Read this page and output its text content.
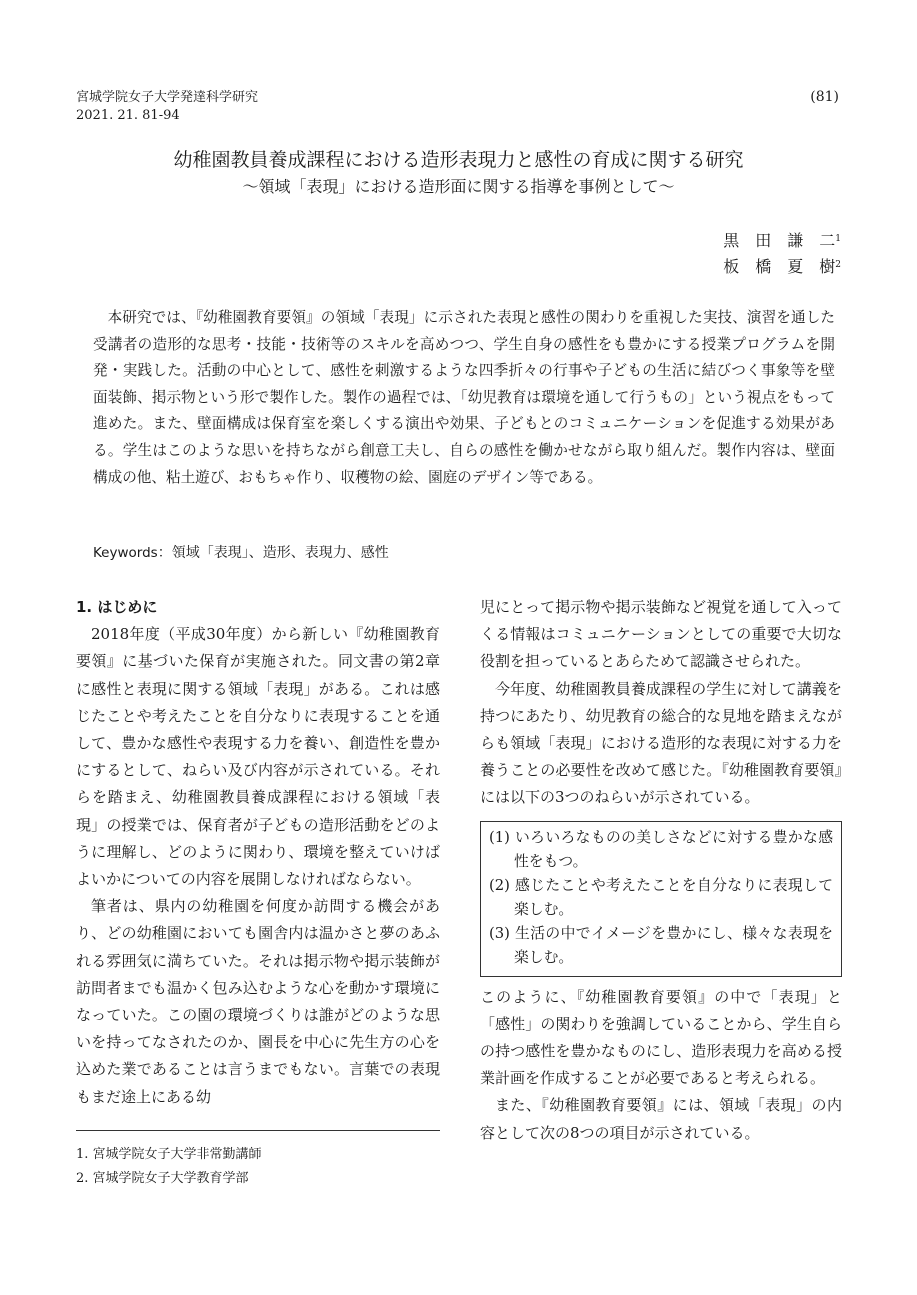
宮城学院女子大学発達科学研究
2021. 21. 81-94
(81)
幼稚園教員養成課程における造形表現力と感性の育成に関する研究
〜領域「表現」における造形面に関する指導を事例として〜
黒　田　謙　二$^1$
板　橋　夏　樹$^2$
本研究では、『幼稚園教育要領』の領域「表現」に示された表現と感性の関わりを重視した実技、演習を通した受講者の造形的な思考・技能・技術等のスキルを高めつつ、学生自身の感性をも豊かにする授業プログラムを開発・実践した。活動の中心として、感性を刺激するような四季折々の行事や子どもの生活に結びつく事象等を壁面装飾、掲示物という形で製作した。製作の過程では、「幼児教育は環境を通して行うもの」という視点をもって進めた。また、壁面構成は保育室を楽しくする演出や効果、子どもとのコミュニケーションを促進する効果がある。学生はこのような思いを持ちながら創意工夫し、自らの感性を働かせながら取り組んだ。製作内容は、壁面構成の他、粘土遊び、おもちゃ作り、収穫物の絵、園庭のデザイン等である。
Keywords：領域「表現」、造形、表現力、感性

1. はじめに

2018年度（平成30年度）から新しい『幼稚園教育要領』に基づいた保育が実施された。同文書の第2章に感性と表現に関する領域「表現」がある。これは感じたことや考えたことを自分なりに表現することを通して、豊かな感性や表現する力を養い、創造性を豊かにするとして、ねらい及び内容が示されている。それらを踏まえ、幼稚園教員養成課程における領域「表現」の授業では、保育者が子どもの造形活動をどのように理解し、どのように関わり、環境を整えていけばよいかについての内容を展開しなければならない。

筆者は、県内の幼稚園を何度か訪問する機会があり、どの幼稚園においても園舎内は温かさと夢のあふれる雰囲気に満ちていた。それは掲示物や掲示装飾が訪問者までも温かく包み込むような心を動かす環境になっていた。この園の環境づくりは誰がどのような思いを持ってなされたのか、園長を中心に先生方の心を込めた業であることは言うまでもない。言葉での表現もまだ途上にある幼

児にとって掲示物や掲示装飾など視覚を通して入ってくる情報はコミュニケーションとしての重要で大切な役割を担っているとあらためて認識させられた。

今年度、幼稚園教員養成課程の学生に対して講義を持つにあたり、幼児教育の総合的な見地を踏まえながらも領域「表現」における造形的な表現に対する力を養うことの必要性を改めて感じた。『幼稚園教育要領』には以下の3つのねらいが示されている。

(1) いろいろなものの美しさなどに対する豊かな感性をもつ。
(2) 感じたことや考えたことを自分なりに表現して楽しむ。
(3) 生活の中でイメージを豊かにし、様々な表現を楽しむ。

このように、『幼稚園教育要領』の中で「表現」と「感性」の関わりを強調していることから、学生自らの持つ感性を豊かなものにし、造形表現力を高める授業計画を作成することが必要であると考えられる。

また、『幼稚園教育要領』には、領域「表現」の内容として次の8つの項目が示されている。

1. 宮城学院女子大学非常勤講師
2. 宮城学院女子大学教育学部
